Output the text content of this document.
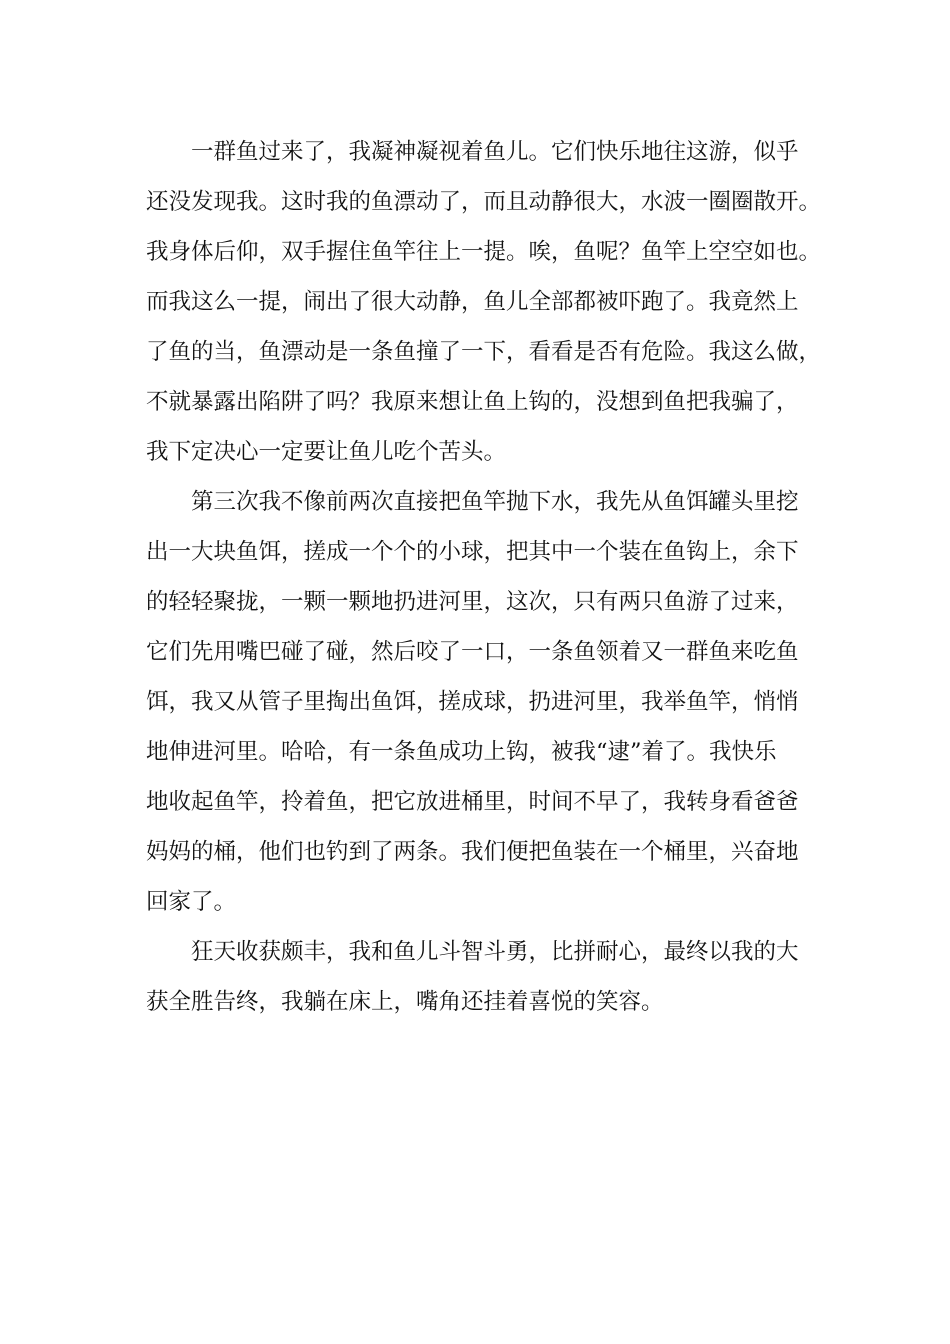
一群鱼过来了，我凝神凝视着鱼儿。它们快乐地往这游，似乎
还没发现我。这时我的鱼漂动了，而且动静很大，水波一圈圈散开。
我身体后仰，双手握住鱼竿往上一提。唉，鱼呢？鱼竿上空空如也。
而我这么一提，闹出了很大动静，鱼儿全部都被吓跑了。我竟然上
了鱼的当，鱼漂动是一条鱼撞了一下，看看是否有危险。我这么做，
不就暴露出陷阱了吗？我原来想让鱼上钩的，没想到鱼把我骗了，
我下定决心一定要让鱼儿吃个苦头。
第三次我不像前两次直接把鱼竿抛下水，我先从鱼饵罐头里挖
出一大块鱼饵，搓成一个个的小球，把其中一个装在鱼钩上，余下
的轻轻聚拢，一颗一颗地扔进河里，这次，只有两只鱼游了过来，
它们先用嘴巴碰了碰，然后咬了一口，一条鱼领着又一群鱼来吃鱼
饵，我又从管子里掏出鱼饵，搓成球，扔进河里，我举鱼竿，悄悄
地伸进河里。哈哈，有一条鱼成功上钩，被我“逮”着了。我快乐
地收起鱼竿，拎着鱼，把它放进桶里，时间不早了，我转身看爸爸
妈妈的桶，他们也钓到了两条。我们便把鱼装在一个桶里，兴奋地
回家了。
狂天收获颇丰，我和鱼儿斗智斗勇，比拼耐心，最终以我的大
获全胜告终，我躺在床上，嘴角还挂着喜悦的笑容。
